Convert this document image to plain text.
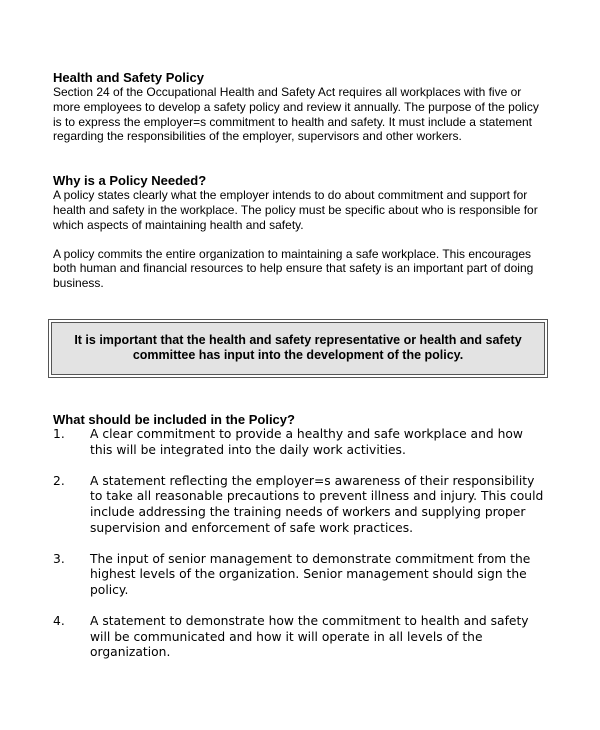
Health and Safety Policy

Section 24 of the Occupational Health and Safety Act requires all workplaces with five or more employees to develop a safety policy and review it annually. The purpose of the policy is to express the employer=s commitment to health and safety. It must include a statement regarding the responsibilities of the employer, supervisors and other workers.

Why is a Policy Needed?

A policy states clearly what the employer intends to do about commitment and support for health and safety in the workplace. The policy must be specific about who is responsible for which aspects of maintaining health and safety.

A policy commits the entire organization to maintaining a safe workplace. This encourages both human and financial resources to help ensure that safety is an important part of doing business.

It is important that the health and safety representative or health and safety committee has input into the development of the policy.
What should be included in the Policy?
1.	A clear commitment to provide a healthy and safe workplace and how this will be integrated into the daily work activities.
2.	A statement reflecting the employer=s awareness of their responsibility to take all reasonable precautions to prevent illness and injury. This could include addressing the training needs of workers and supplying proper supervision and enforcement of safe work practices.
3.	The input of senior management to demonstrate commitment from the highest levels of the organization. Senior management should sign the policy.
4.	A statement to demonstrate how the commitment to health and safety will be communicated and how it will operate in all levels of the organization.
